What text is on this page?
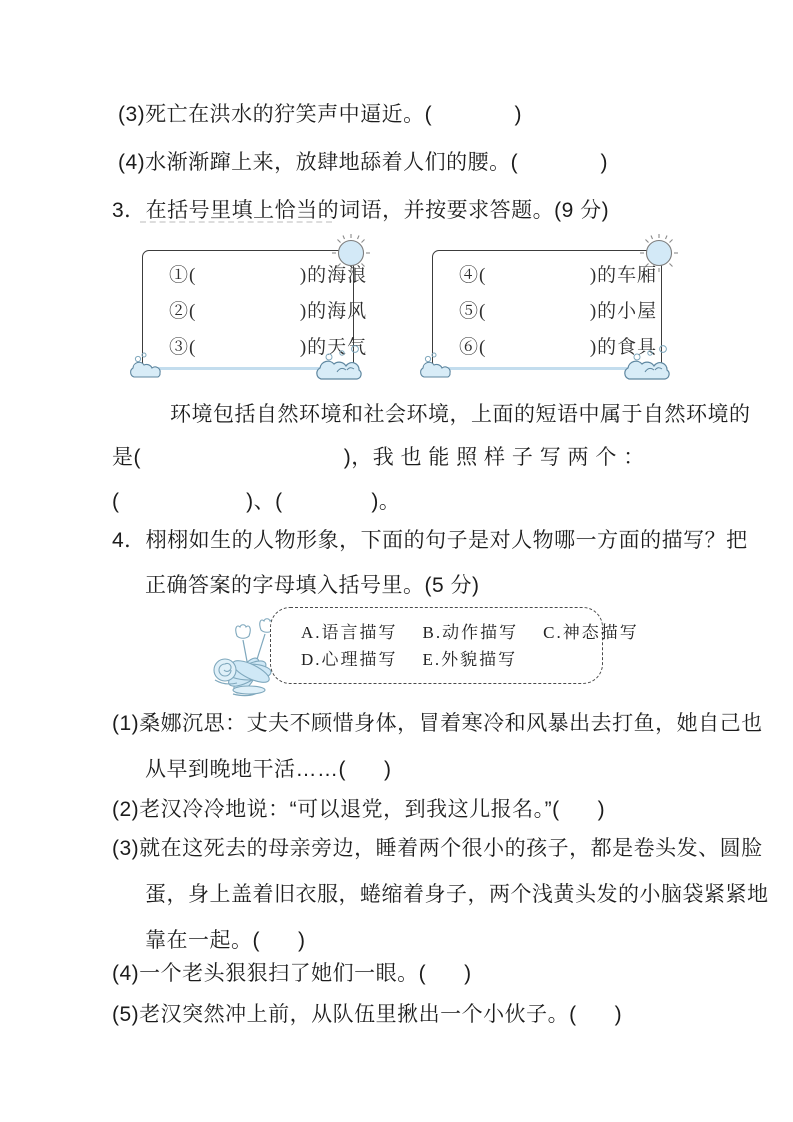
(3)死亡在洪水的狞笑声中逼近。(             )
(4)水渐渐蹿上来，放肆地舔着人们的腰。(             )
3．在括号里填上恰当的词语，并按要求答题。(9 分)
①(                  )的海浪
②(                  )的海风
③(                  )的天气
④(                  )的车厢
⑤(                  )的小屋
⑥(                  )的食具
环境包括自然环境和社会环境，上面的短语中属于自然环境的
是(                                )，我 也 能 照 样 子 写 两 个 ：
(                    )、(              )。
4．栩栩如生的人物形象，下面的句子是对人物哪一方面的描写？把
正确答案的字母填入括号里。(5 分)
A.语言描写    B.动作描写    C.神态描写
D.心理描写    E.外貌描写
(1)桑娜沉思：丈夫不顾惜身体，冒着寒冷和风暴出去打鱼，她自己也
从早到晚地干活……(      )
(2)老汉冷冷地说：“可以退党，到我这儿报名。”(      )
(3)就在这死去的母亲旁边，睡着两个很小的孩子，都是卷头发、圆脸
蛋，身上盖着旧衣服，蜷缩着身子，两个浅黄头发的小脑袋紧紧地
靠在一起。(      )
(4)一个老头狠狠扫了她们一眼。(      )
(5)老汉突然冲上前，从队伍里揪出一个小伙子。(      )
